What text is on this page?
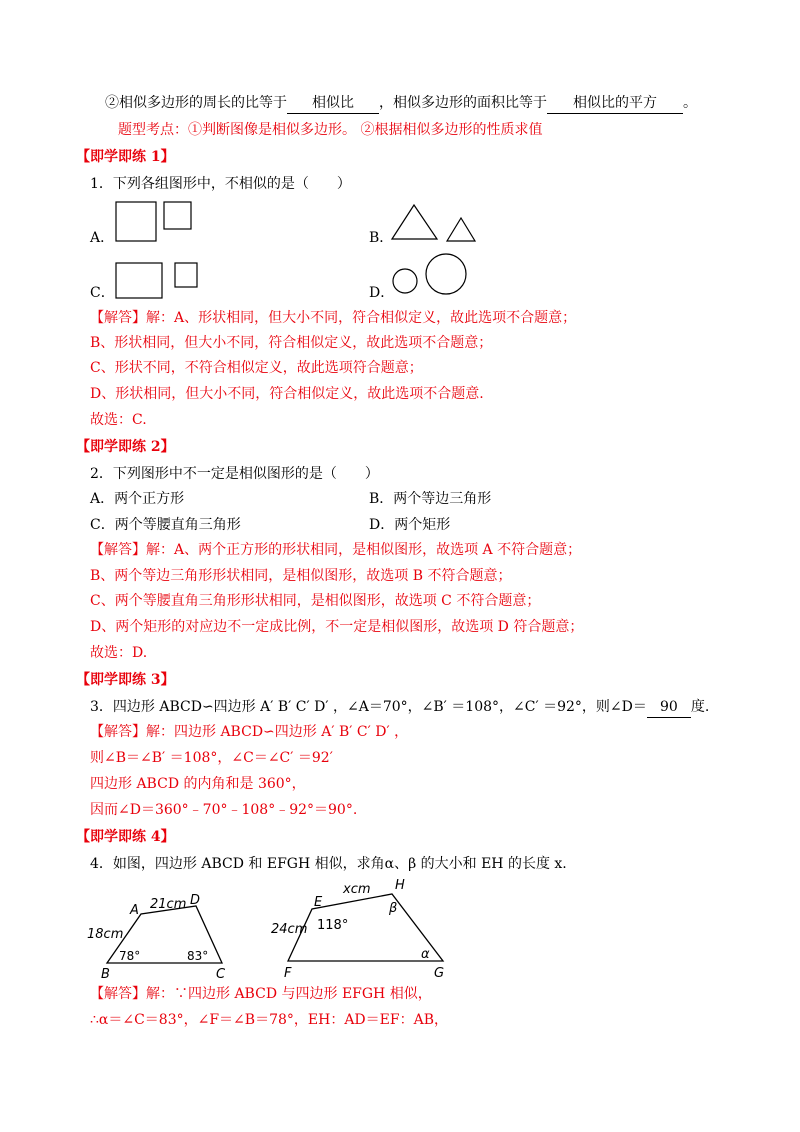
②相似多边形的周长的比等于 相似比 ，相似多边形的面积比等于 相似比的平方 。
题型考点：①判断图像是相似多边形。 ②根据相似多边形的性质求值
【即学即练 1】
1．下列各组图形中，不相似的是（　　）
A．	B．
C．	D．
【解答】解：A、形状相同，但大小不同，符合相似定义，故此选项不合题意；
B、形状相同，但大小不同，符合相似定义，故此选项不合题意；
C、形状不同，不符合相似定义，故此选项符合题意；
D、形状相同，但大小不同，符合相似定义，故此选项不合题意.
故选：C.
【即学即练 2】
2．下列图形中不一定是相似图形的是（　　）
A．两个正方形	B．两个等边三角形
C．两个等腰直角三角形	D．两个矩形
【解答】解：A、两个正方形的形状相同，是相似图形，故选项 A 不符合题意；
B、两个等边三角形形状相同，是相似图形，故选项 B 不符合题意；
C、两个等腰直角三角形形状相同，是相似图形，故选项 C 不符合题意；
D、两个矩形的对应边不一定成比例，不一定是相似图形，故选项 D 符合题意；
故选：D.
【即学即练 3】
3．四边形 ABCD∽四边形 A′ B′ C′ D′ ，∠A＝70°，∠B′ ＝108°，∠C′ ＝92°，则∠D＝ 90 度.
【解答】解：四边形 ABCD∽四边形 A′ B′ C′ D′ ，
则∠B＝∠B′ ＝108°，∠C＝∠C′ ＝92′
四边形 ABCD 的内角和是 360°，
因而∠D＝360°﹣70°﹣108°﹣92°＝90°.
【即学即练 4】
4．如图，四边形 ABCD 和 EFGH 相似，求角α、β 的大小和 EH 的长度 x.
A
B	C
D
21cm
18cm
78°	83°
E
F	G
H
xcm
24cm 118°
α
β
【解答】解：∵四边形 ABCD 与四边形 EFGH 相似，
∴α＝∠C＝83°，∠F＝∠B＝78°，EH：AD＝EF：AB，
